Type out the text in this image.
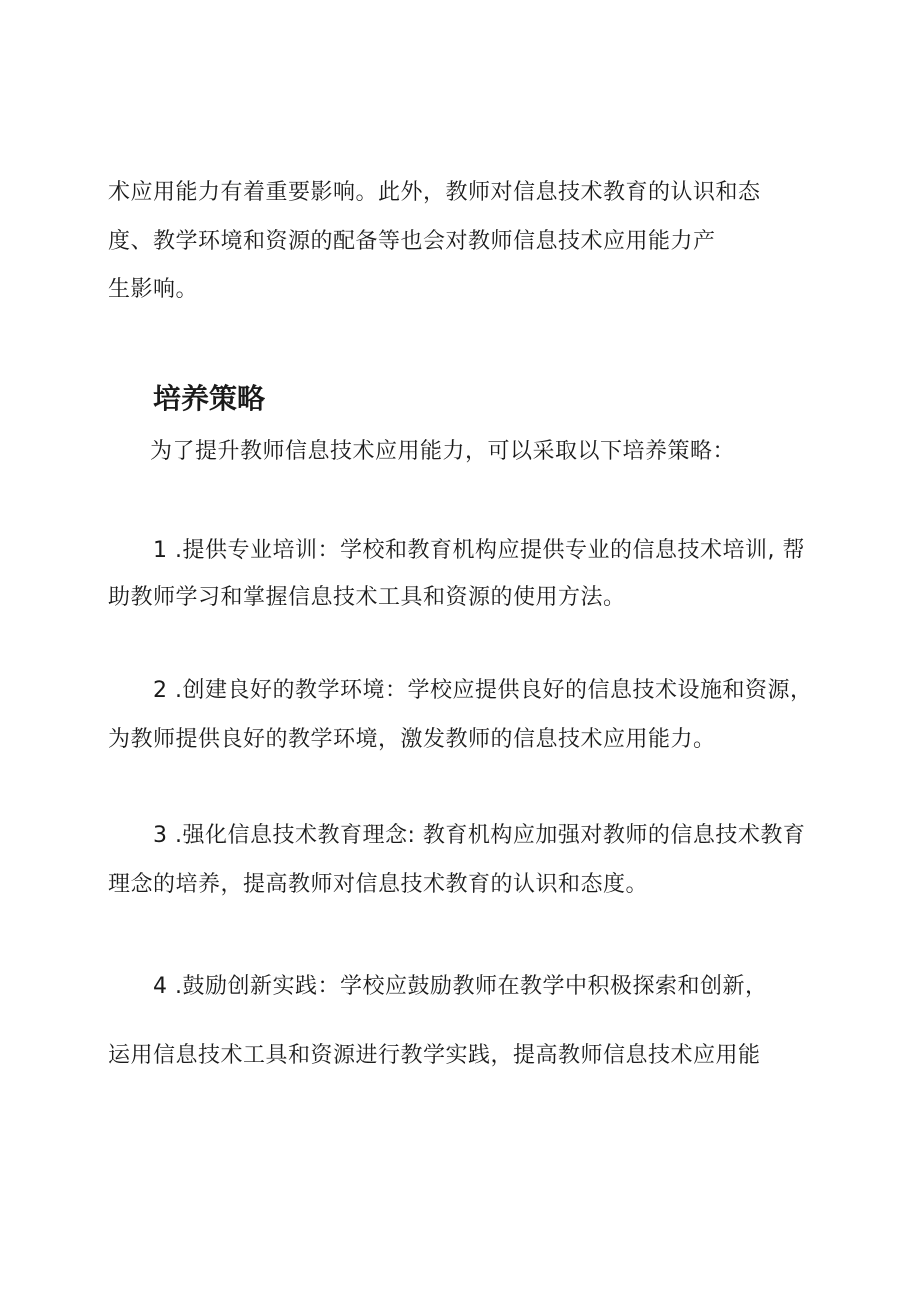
术应用能力有着重要影响。此外，教师对信息技术教育的认识和态
度、教学环境和资源的配备等也会对教师信息技术应用能力产
生影响。
培养策略
为了提升教师信息技术应用能力，可以采取以下培养策略：
1 .提供专业培训：学校和教育机构应提供专业的信息技术培训, 帮
助教师学习和掌握信息技术工具和资源的使用方法。
2 .创建良好的教学环境：学校应提供良好的信息技术设施和资源，
为教师提供良好的教学环境，激发教师的信息技术应用能力。
3 .强化信息技术教育理念: 教育机构应加强对教师的信息技术教育
理念的培养，提高教师对信息技术教育的认识和态度。
4 .鼓励创新实践：学校应鼓励教师在教学中积极探索和创新，
运用信息技术工具和资源进行教学实践，提高教师信息技术应用能
